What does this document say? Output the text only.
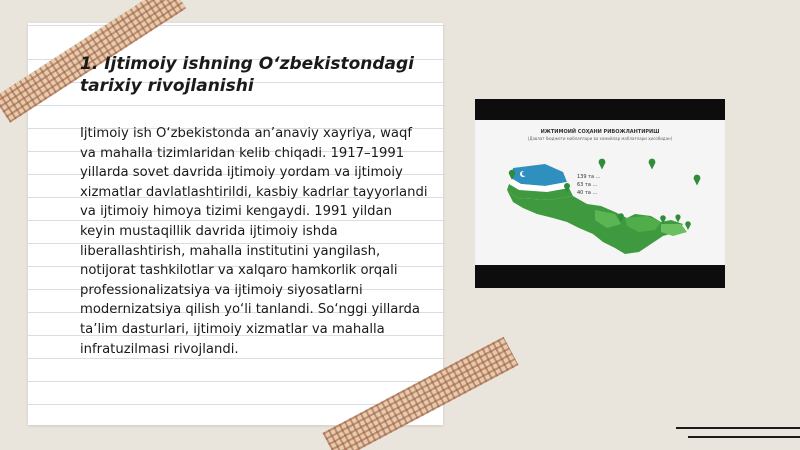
1. Ijtimoiy ishning O‘zbekistondagi tarixiy rivojlanishi

Ijtimoiy ish O‘zbekistonda an’anaviy xayriya, waqf va mahalla tizimlaridan kelib chiqadi. 1917–1991 yillarda sovet davrida ijtimoiy yordam va ijtimoiy xizmatlar davlatlashtirildi, kasbiy kadrlar tayyorlandi va ijtimoiy himoya tizimi kengaydi. 1991 yildan keyin mustaqillik davrida ijtimoiy ishda liberallashtirish, mahalla institutini yangilash, notijorat tashkilotlar va xalqaro hamkorlik orqali professionalizatsiya va ijtimoiy siyosatlarni modernizatsiya qilish yo‘li tanlandi. So‘nggi yillarda ta’lim dasturlari, ijtimoiy xizmatlar va mahalla infratuzilmasi rivojlandi.

ИЖТИМОИЙ СОҲАНИ РИВОЖЛАНТИРИШ
(Давлат бюджети маблағлари ва хомийлар маблағлари ҳисобидан)
139 та ...
63 та ...
40 та ...
